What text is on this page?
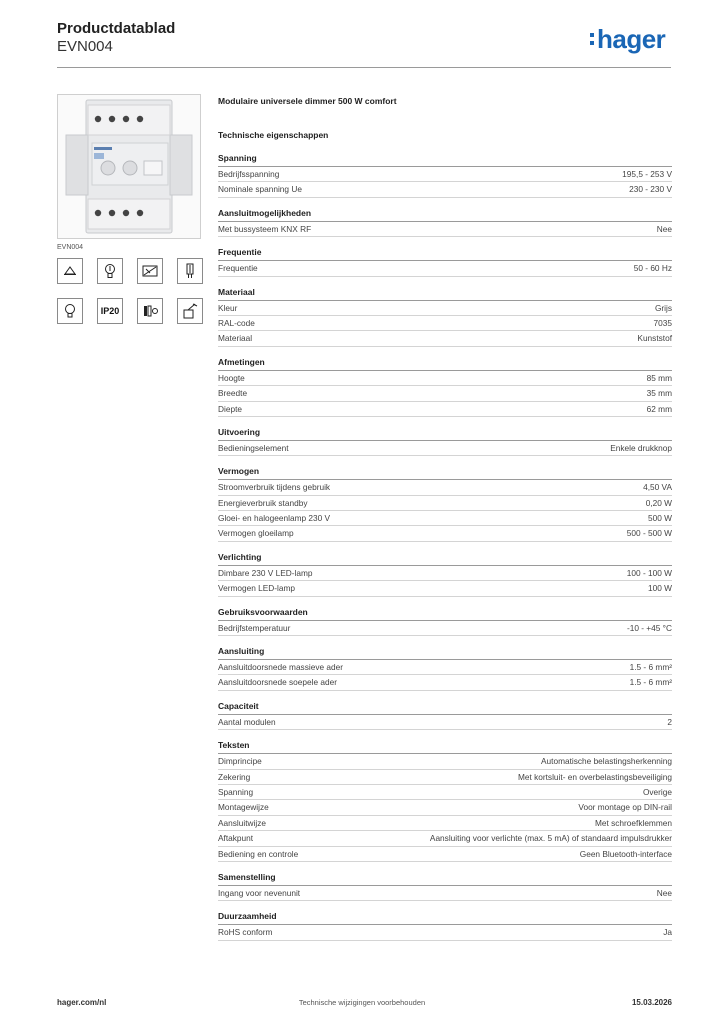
Productdatablad
EVN004	hager
EVN004
IP20
Modulaire universele dimmer 500 W comfort
Technische eigenschappen
Spanning
Bedrijfsspanning	195,5 - 253 V
Nominale spanning Ue	230 - 230 V
Aansluitmogelijkheden
Met bussysteem KNX RF	Nee
Frequentie
Frequentie	50 - 60 Hz
Materiaal
Kleur	Grijs
RAL-code	7035
Materiaal	Kunststof
Afmetingen
Hoogte	85 mm
Breedte	35 mm
Diepte	62 mm
Uitvoering
Bedieningselement	Enkele drukknop
Vermogen
Stroomverbruik tijdens gebruik	4,50 VA
Energieverbruik standby	0,20 W
Gloei- en halogeenlamp 230 V	500 W
Vermogen gloeilamp	500 - 500 W
Verlichting
Dimbare 230 V LED-lamp	100 - 100 W
Vermogen LED-lamp	100 W
Gebruiksvoorwaarden
Bedrijfstemperatuur	-10 - +45 °C
Aansluiting
Aansluitdoorsnede massieve ader	1.5 - 6 mm²
Aansluitdoorsnede soepele ader	1.5 - 6 mm²
Capaciteit
Aantal modulen	2
Teksten
Dimprincipe	Automatische belastingsherkenning
Zekering	Met kortsluit- en overbelastingsbeveiliging
Spanning	Overige
Montagewijze	Voor montage op DIN-rail
Aansluitwijze	Met schroefklemmen
Aftakpunt	Aansluiting voor verlichte (max. 5 mA) of standaard impulsdrukker
Bediening en controle	Geen Bluetooth-interface
Samenstelling
Ingang voor nevenunit	Nee
Duurzaamheid
RoHS conform	Ja
hager.com/nl	Technische wijzigingen voorbehouden	15.03.2026
